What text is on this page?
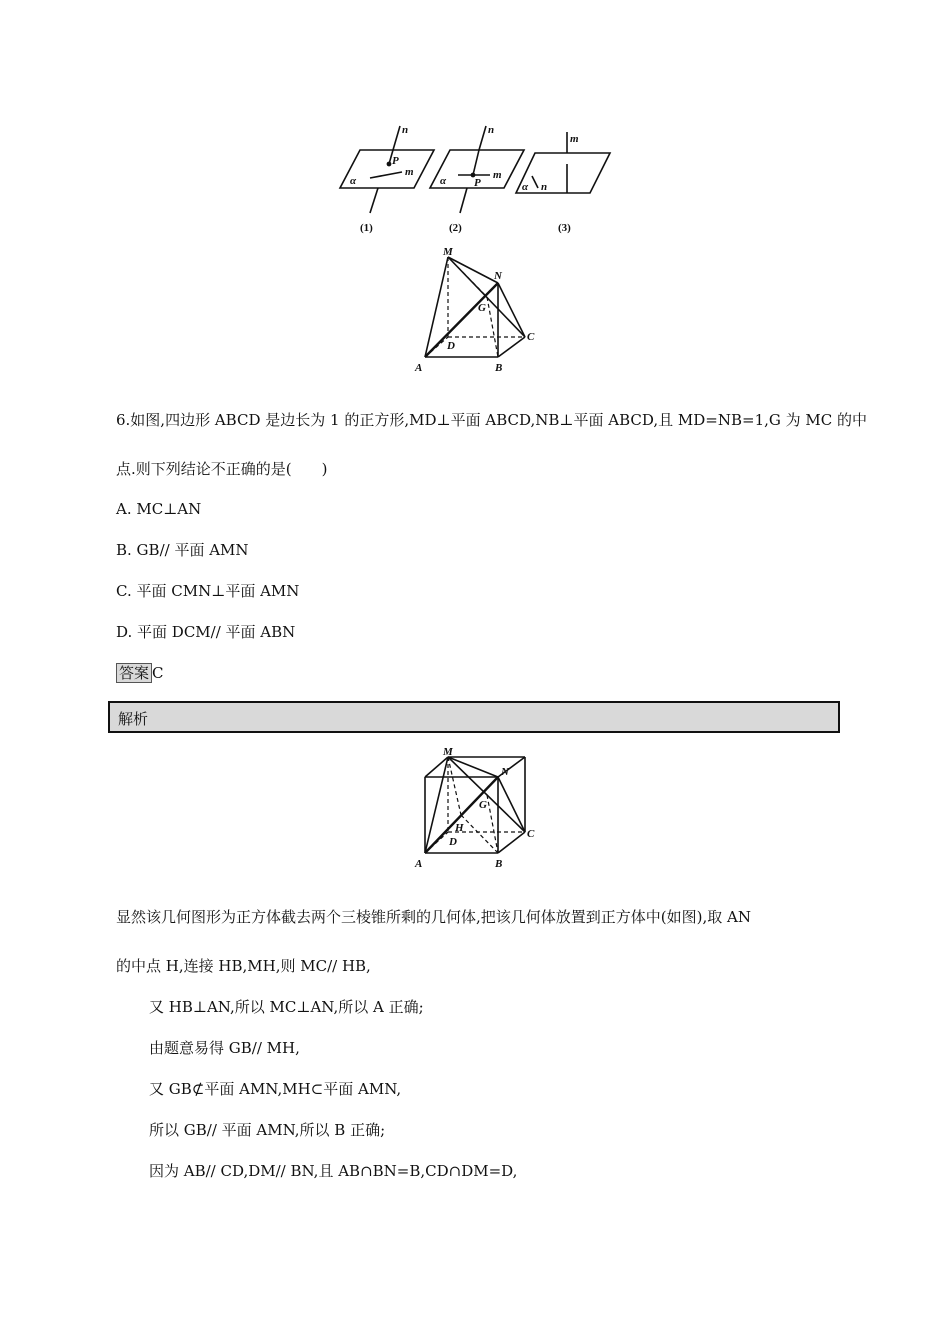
n
P
m
α
n
P
m
α
m
n
α
(1)	(2)	(3)
M
N
G
D
C
A	B
6.如图,四边形 ABCD 是边长为 1 的正方形,MD⊥平面 ABCD,NB⊥平面 ABCD,且 MD=NB=1,G 为 MC 的中
点.则下列结论不正确的是(　　)
A. MC⊥AN
B. GB// 平面 AMN
C. 平面 CMN⊥平面 AMN
D. 平面 DCM// 平面 ABN
答案 C
解析
M
N
G
H
D
C
A	B
显然该几何图形为正方体截去两个三棱锥所剩的几何体,把该几何体放置到正方体中(如图),取 AN
的中点 H,连接 HB,MH,则 MC// HB,
又 HB⊥AN,所以 MC⊥AN,所以 A 正确;
由题意易得 GB// MH,
又 GB⊄平面 AMN,MH⊂平面 AMN,
所以 GB// 平面 AMN,所以 B 正确;
因为 AB// CD,DM// BN,且 AB∩BN=B,CD∩DM=D,
